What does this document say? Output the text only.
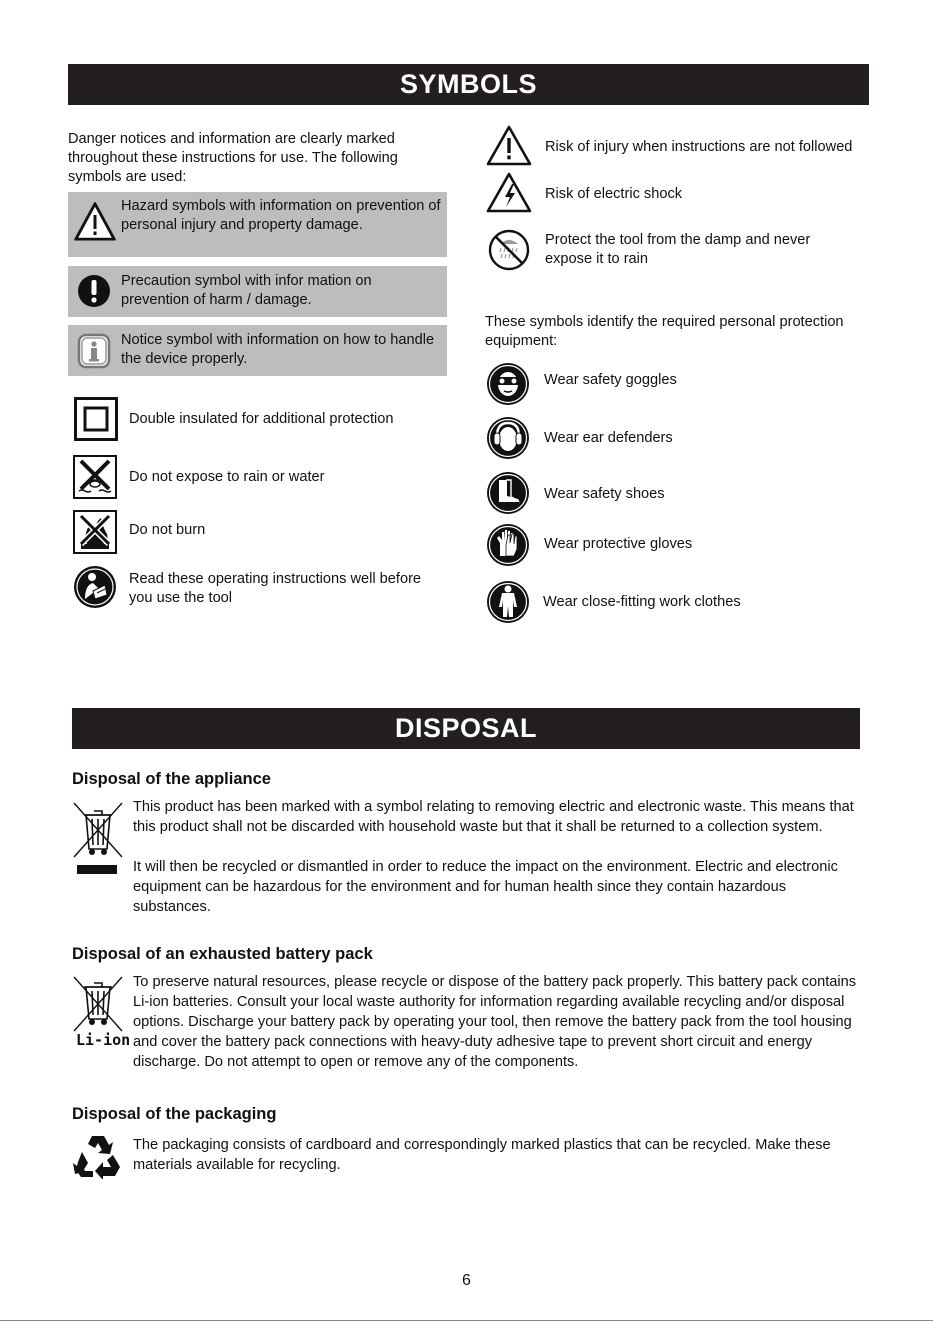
SYMBOLS
Danger notices and information are clearly marked throughout these instructions for use. The following symbols are used:
Hazard symbols with information on prevention of personal injury and property damage.
Precaution symbol with infor mation on prevention of harm / damage.
Notice symbol with information on how to handle the device properly.
Double insulated for additional protection
Do not expose to rain or water
Do not burn
Read these operating instructions well before you use the tool
Risk of injury when instructions are not followed
Risk of electric shock
Protect the tool from the damp and never expose it to rain
These symbols identify the required personal protection equipment:
Wear safety goggles
Wear ear defenders
Wear safety shoes
Wear protective gloves
Wear close-fitting work clothes
DISPOSAL
Disposal of the appliance
This product has been marked with a symbol relating to removing electric and electronic waste. This means that this product shall not be discarded with household waste but that it shall be returned to a collection system.
It will then be recycled or dismantled in order to reduce the impact on the environment. Electric and electronic equipment can be hazardous for the environment and for human health since they contain hazardous substances.
Disposal of an exhausted battery pack
Li-ion
To preserve natural resources, please recycle or dispose of the battery pack properly. This battery pack contains Li-ion batteries. Consult your local waste authority for information regarding available recycling and/or disposal options. Discharge your battery pack by operating your tool, then remove the battery pack from the tool housing and cover the battery pack connections with heavy-duty adhesive tape to prevent short circuit and energy discharge. Do not attempt to open or remove any of the components.
Disposal of the packaging
The packaging consists of cardboard and correspondingly marked plastics that can be recycled. Make these materials available for recycling.
6
